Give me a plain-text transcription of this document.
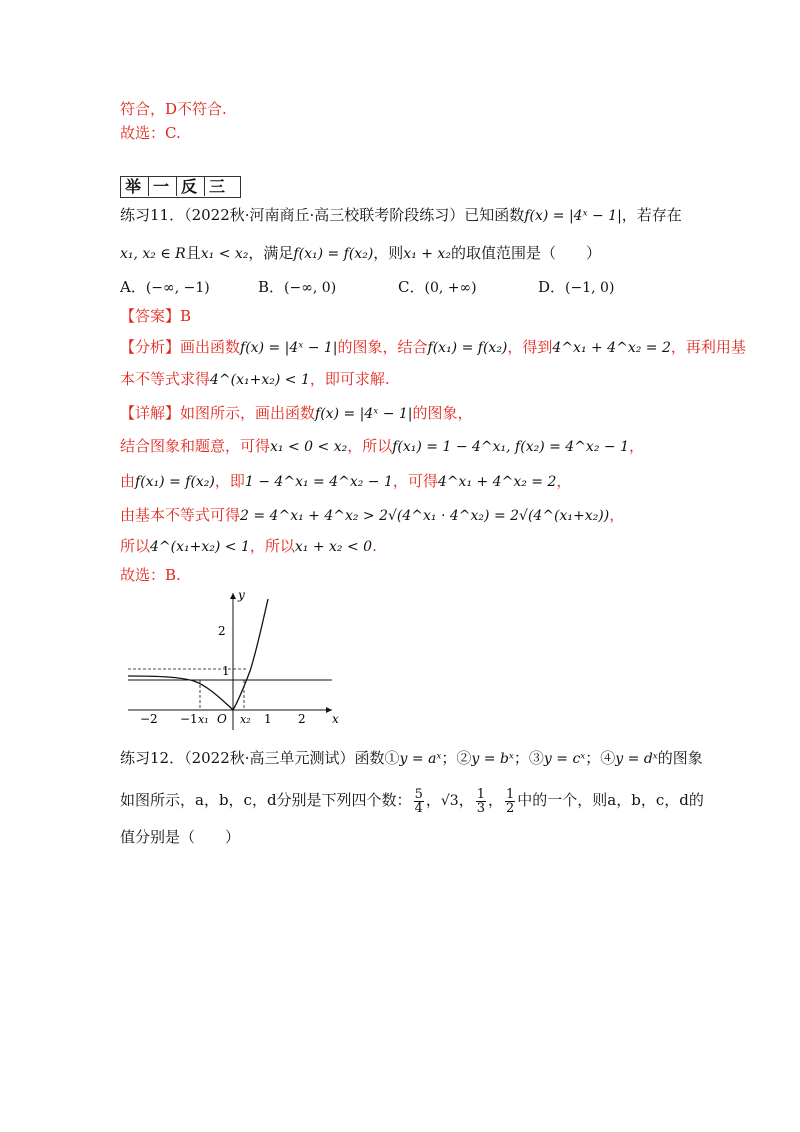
符合，D不符合.
故选：C.
举 一 反 三
练习11．（2022秋·河南商丘·高三校联考阶段练习）已知函数f(x) = |4ˣ − 1|，若存在
x₁, x₂ ∈ R且x₁ < x₂，满足f(x₁) = f(x₂)，则x₁ + x₂的取值范围是（　　）
A．(−∞, −1)	B．(−∞, 0)	C．(0, +∞)	D．(−1, 0)
【答案】B
【分析】画出函数f(x) = |4ˣ − 1|的图象，结合f(x₁) = f(x₂)，得到4^x₁ + 4^x₂ = 2，再利用基
本不等式求得4^(x₁+x₂) < 1，即可求解.
【详解】如图所示，画出函数f(x) = |4ˣ − 1|的图象，
结合图象和题意，可得x₁ < 0 < x₂，所以f(x₁) = 1 − 4^x₁, f(x₂) = 4^x₂ − 1，
由f(x₁) = f(x₂)，即1 − 4^x₁ = 4^x₂ − 1，可得4^x₁ + 4^x₂ = 2，
由基本不等式可得2 = 4^x₁ + 4^x₂ > 2√(4^x₁ · 4^x₂) = 2√(4^(x₁+x₂))，
所以4^(x₁+x₂) < 1，所以x₁ + x₂ < 0.
故选：B.
y
x
O
2
1
−2 −1	1 2
x₁	x₂
练习12．（2022秋·高三单元测试）函数①y = aˣ；②y = bˣ；③y = cˣ；④y = dˣ的图象
如图所示，a，b，c，d分别是下列四个数： $\frac{5}{4}$ ，√3， $\frac{1}{3}$ ， $\frac{1}{2}$ 中的一个，则a，b，c，d的
值分别是（　　）
